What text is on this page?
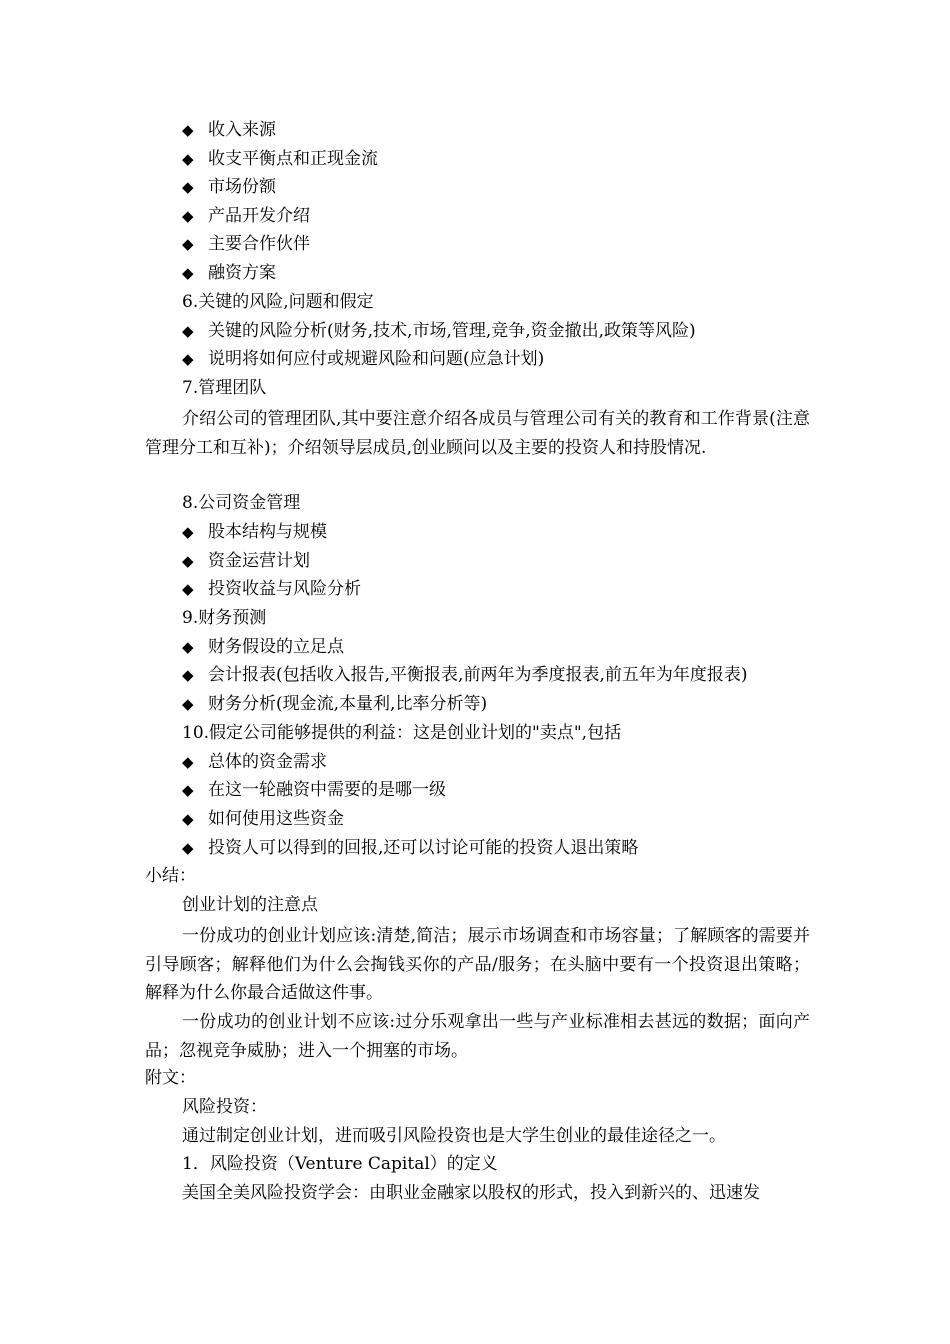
◆ 收入来源
◆ 收支平衡点和正现金流
◆ 市场份额
◆ 产品开发介绍
◆ 主要合作伙伴
◆ 融资方案
6.关键的风险,问题和假定
◆ 关键的风险分析(财务,技术,市场,管理,竞争,资金撤出,政策等风险)
◆ 说明将如何应付或规避风险和问题(应急计划)
7.管理团队
介绍公司的管理团队,其中要注意介绍各成员与管理公司有关的教育和工作背景(注意管理分工和互补)；介绍领导层成员,创业顾问以及主要的投资人和持股情况.
8.公司资金管理
◆ 股本结构与规模
◆ 资金运营计划
◆ 投资收益与风险分析
9.财务预测
◆ 财务假设的立足点
◆ 会计报表(包括收入报告,平衡报表,前两年为季度报表,前五年为年度报表)
◆ 财务分析(现金流,本量利,比率分析等)
10.假定公司能够提供的利益：这是创业计划的"卖点",包括
◆ 总体的资金需求
◆ 在这一轮融资中需要的是哪一级
◆ 如何使用这些资金
◆ 投资人可以得到的回报,还可以讨论可能的投资人退出策略
小结：
创业计划的注意点
一份成功的创业计划应该:清楚,简洁；展示市场调查和市场容量；了解顾客的需要并引导顾客；解释他们为什么会掏钱买你的产品/服务；在头脑中要有一个投资退出策略；解释为什么你最合适做这件事。
一份成功的创业计划不应该:过分乐观拿出一些与产业标准相去甚远的数据；面向产品；忽视竞争威胁；进入一个拥塞的市场。
附文：
风险投资：
通过制定创业计划，进而吸引风险投资也是大学生创业的最佳途径之一。
1．风险投资（Venture Capital）的定义
美国全美风险投资学会：由职业金融家以股权的形式，投入到新兴的、迅速发
